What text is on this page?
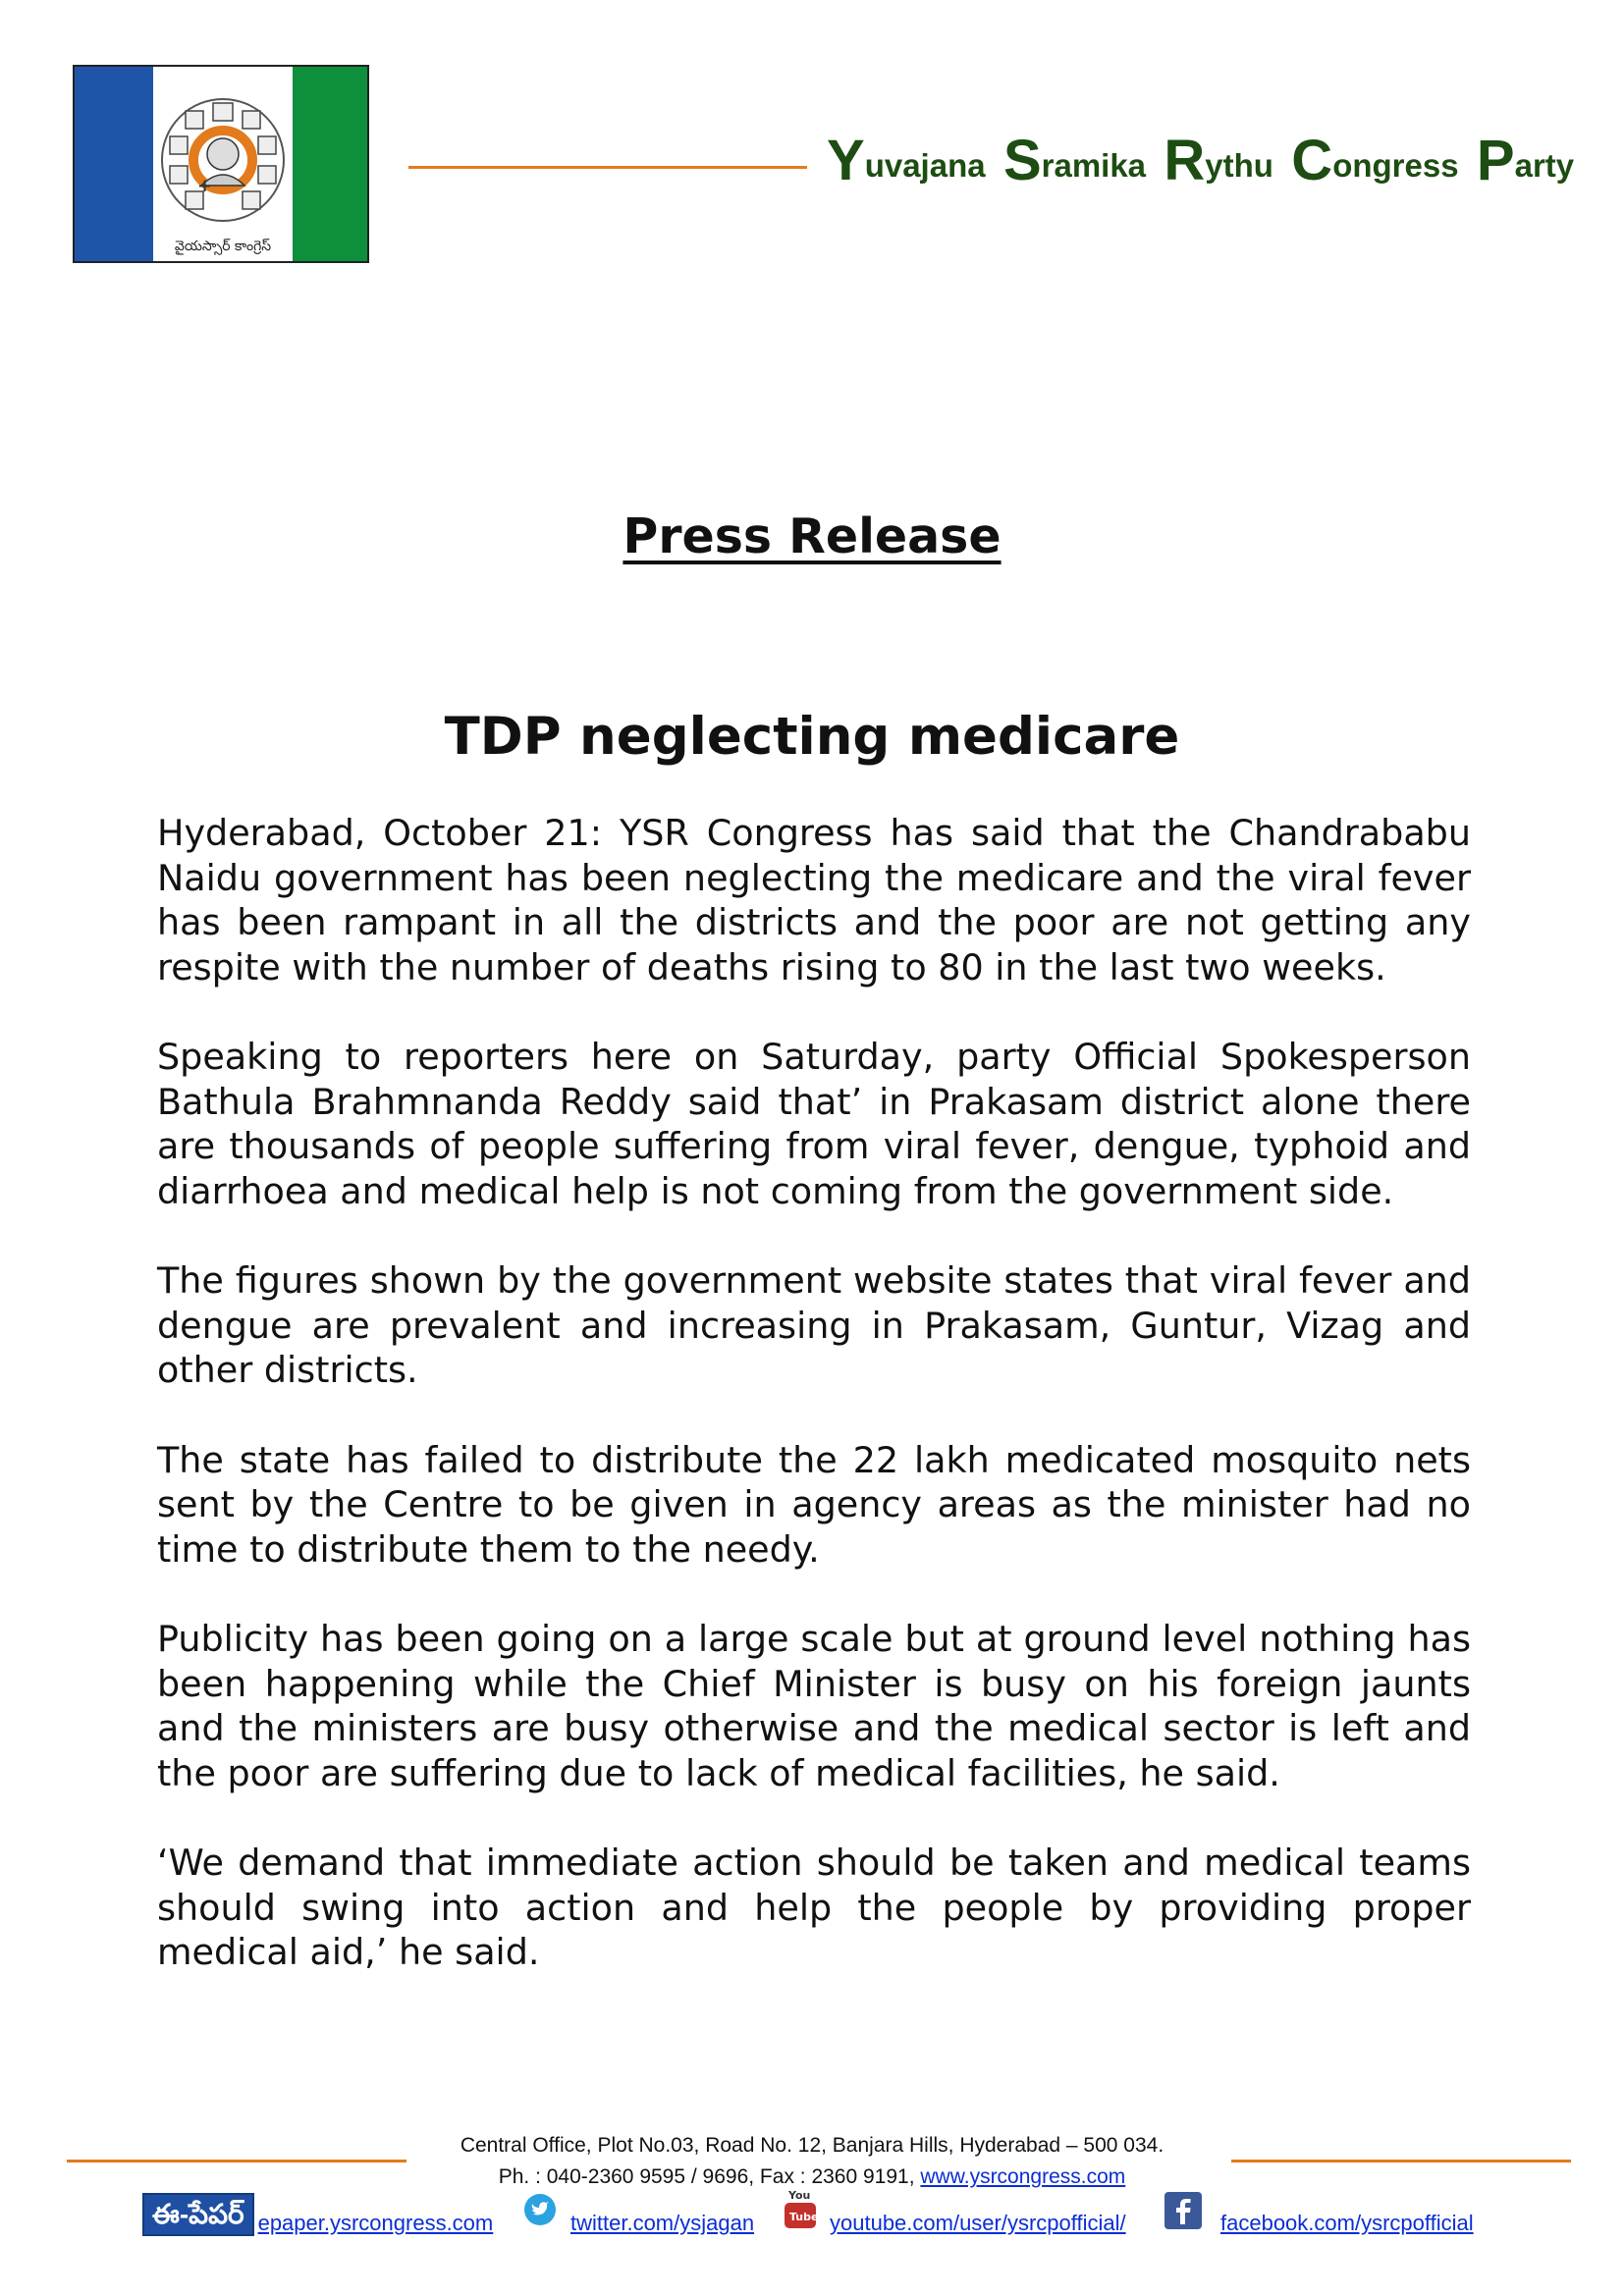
+
వైయస్సార్ కాంగ్రెస్
Yuvajana Sramika Rythu Congress Party
Press Release
TDP neglecting medicare

Hyderabad, October 21: YSR Congress has said that the Chandrababu Naidu government has been neglecting the medicare and the viral fever has been rampant in all the districts and the poor are not getting any respite with the number of deaths rising to 80 in the last two weeks.

Speaking to reporters here on Saturday, party Official Spokesperson Bathula Brahmnanda Reddy said that’ in Prakasam district alone there are thousands of people suffering from viral fever, dengue, typhoid and diarrhoea and medical help is not coming from the government side.

The figures shown by the government website states that viral fever and dengue are prevalent and increasing in Prakasam, Guntur, Vizag and other districts.

The state has failed to distribute the 22 lakh medicated mosquito nets sent by the Centre to be given in agency areas as the minister had no time to distribute them to the needy.

Publicity has been going on a large scale but at ground level nothing has been happening while the Chief Minister is busy on his foreign jaunts and the ministers are busy otherwise and the medical sector is left and the poor are suffering due to lack of medical facilities, he said.

‘We demand that immediate action should be taken and medical teams should swing into action and help the people by providing proper medical aid,’ he said.

Central Office, Plot No.03, Road No. 12, Banjara Hills, Hyderabad – 500 034.
Ph. : 040-2360 9595 / 9696, Fax : 2360 9191, www.ysrcongress.com
ఈ-పేపర్ epaper.ysrcongress.com	twitter.com/ysjagan
You
Tube youtube.com/user/ysrcpofficial/	facebook.com/ysrcpofficial
